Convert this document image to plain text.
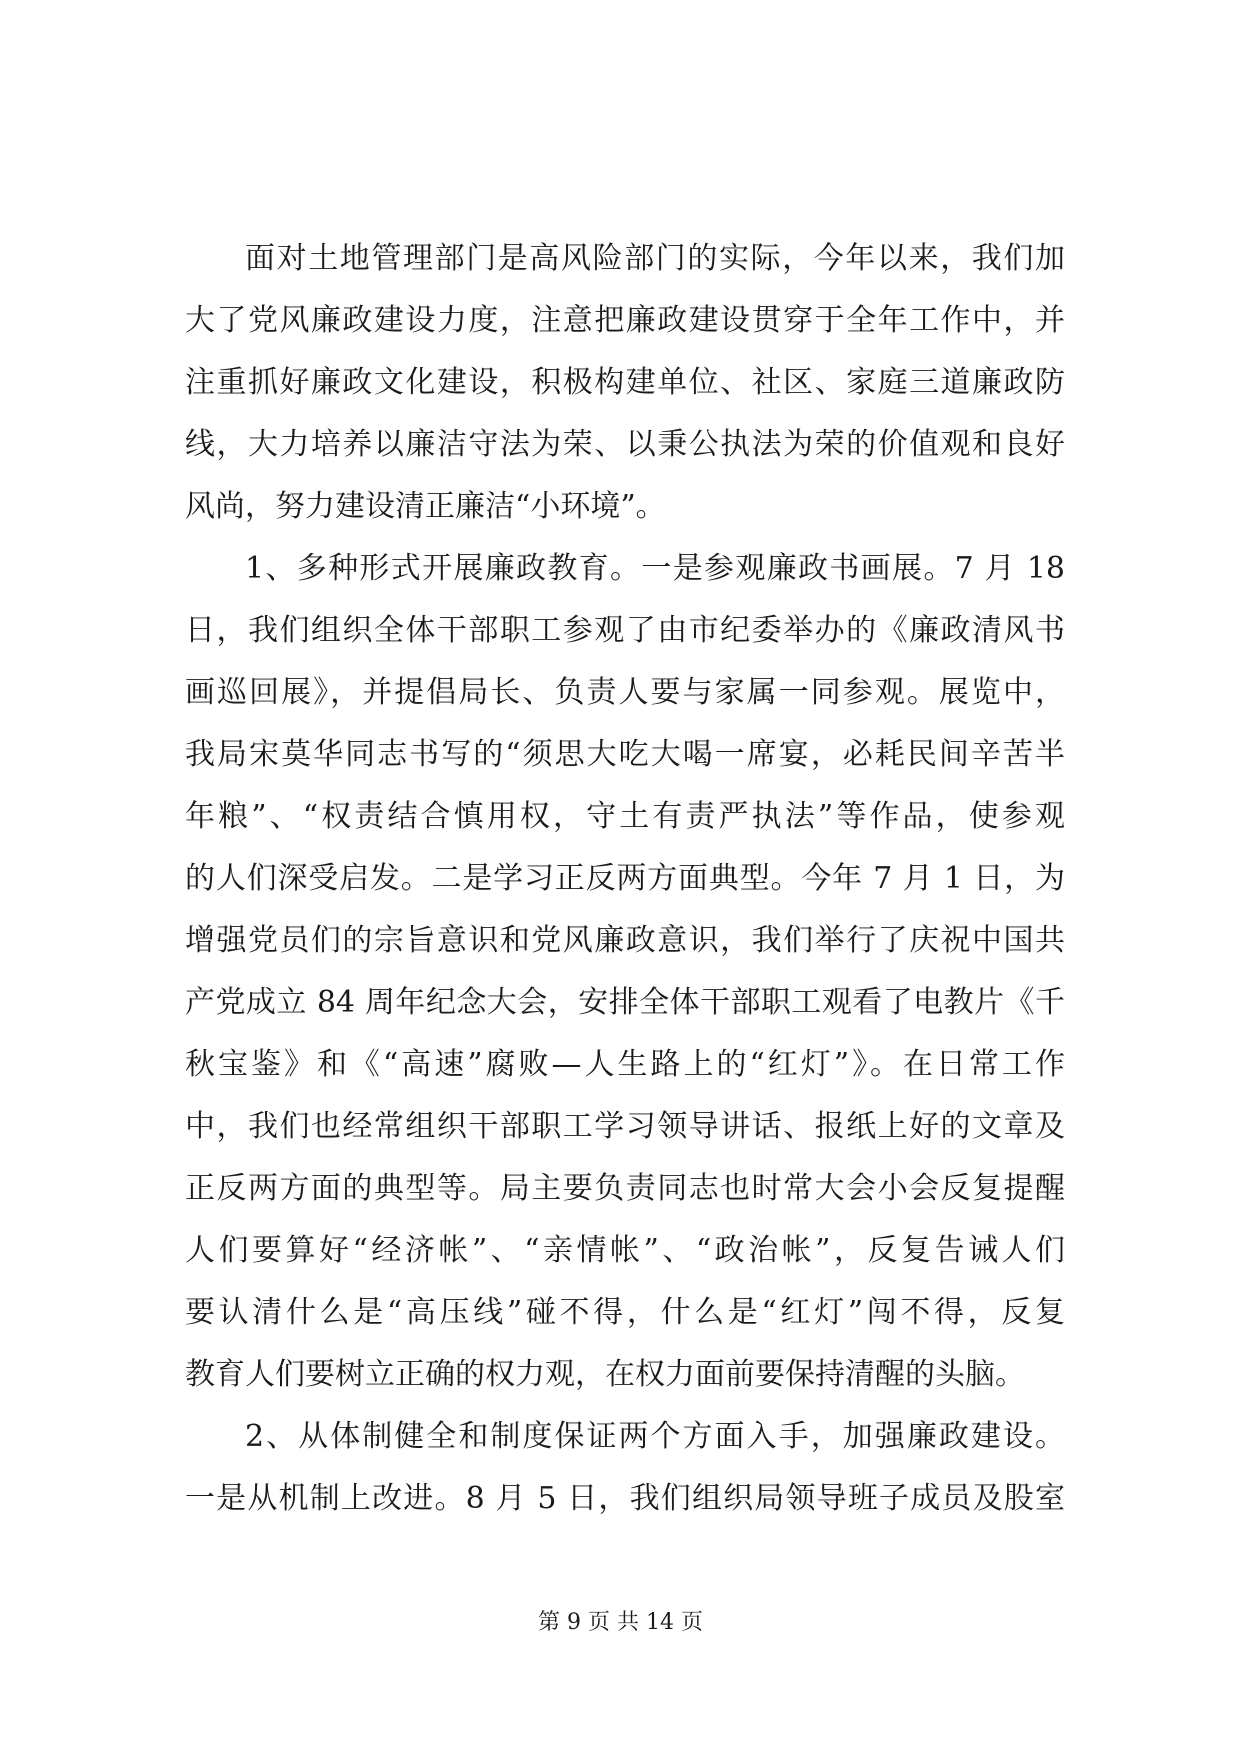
面对土地管理部门是高风险部门的实际，今年以来，我们加
大了党风廉政建设力度，注意把廉政建设贯穿于全年工作中，并
注重抓好廉政文化建设，积极构建单位、社区、家庭三道廉政防
线，大力培养以廉洁守法为荣、以秉公执法为荣的价值观和良好
风尚，努力建设清正廉洁“小环境”。
1、多种形式开展廉政教育。一是参观廉政书画展。7 月 18
日，我们组织全体干部职工参观了由市纪委举办的《廉政清风书
画巡回展》，并提倡局长、负责人要与家属一同参观。展览中，
我局宋莫华同志书写的“须思大吃大喝一席宴，必耗民间辛苦半
年粮”、“权责结合慎用权，守土有责严执法”等作品，使参观
的人们深受启发。二是学习正反两方面典型。今年 7 月 1 日，为
增强党员们的宗旨意识和党风廉政意识，我们举行了庆祝中国共
产党成立 84 周年纪念大会，安排全体干部职工观看了电教片《千
秋宝鉴》和《“高速”腐败—人生路上的“红灯”》。在日常工作
中，我们也经常组织干部职工学习领导讲话、报纸上好的文章及
正反两方面的典型等。局主要负责同志也时常大会小会反复提醒
人们要算好“经济帐”、“亲情帐”、“政治帐”，反复告诫人们
要认清什么是“高压线”碰不得，什么是“红灯”闯不得，反复
教育人们要树立正确的权力观，在权力面前要保持清醒的头脑。
2、从体制健全和制度保证两个方面入手，加强廉政建设。
一是从机制上改进。8 月 5 日，我们组织局领导班子成员及股室
第 9 页 共 14 页
